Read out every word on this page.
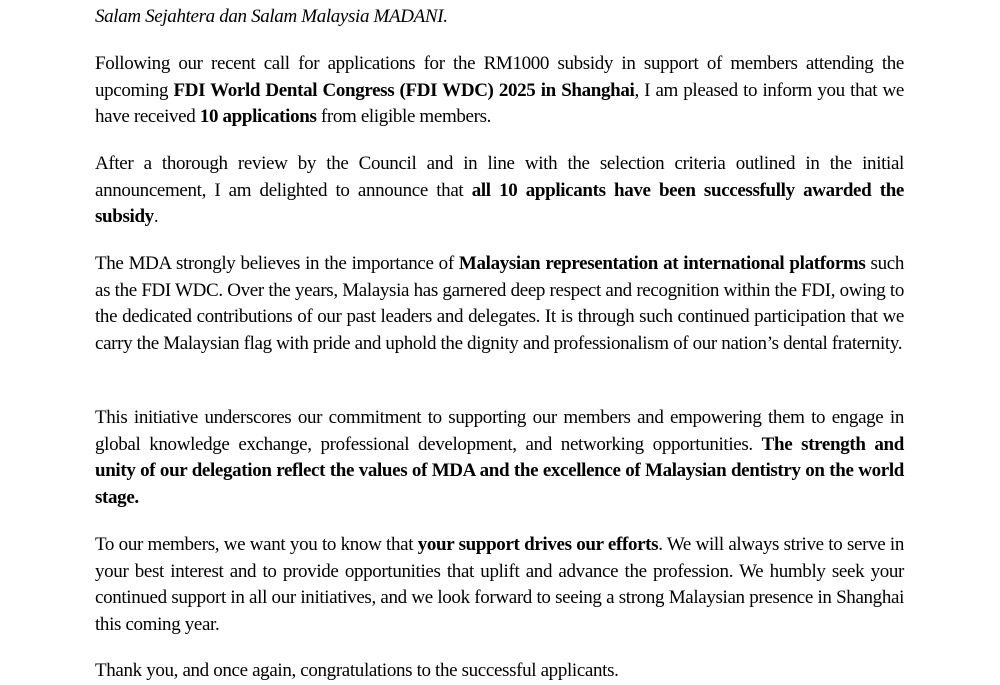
Salam Sejahtera dan Salam Malaysia MADANI.

Following our recent call for applications for the RM1000 subsidy in support of members attending the upcoming FDI World Dental Congress (FDI WDC) 2025 in Shanghai, I am pleased to inform you that we have received 10 applications from eligible members.

After a thorough review by the Council and in line with the selection criteria outlined in the initial announcement, I am delighted to announce that all 10 applicants have been successfully awarded the subsidy.

The MDA strongly believes in the importance of Malaysian representation at international platforms such as the FDI WDC. Over the years, Malaysia has garnered deep respect and recognition within the FDI, owing to the dedicated contributions of our past leaders and delegates. It is through such continued participation that we carry the Malaysian flag with pride and uphold the dignity and professionalism of our nation’s dental fraternity.

This initiative underscores our commitment to supporting our members and empowering them to engage in global knowledge exchange, professional development, and networking opportunities. The strength and unity of our delegation reflect the values of MDA and the excellence of Malaysian dentistry on the world stage.

To our members, we want you to know that your support drives our efforts. We will always strive to serve in your best interest and to provide opportunities that uplift and advance the profession. We humbly seek your continued support in all our initiatives, and we look forward to seeing a strong Malaysian presence in Shanghai this coming year.

Thank you, and once again, congratulations to the successful applicants.
